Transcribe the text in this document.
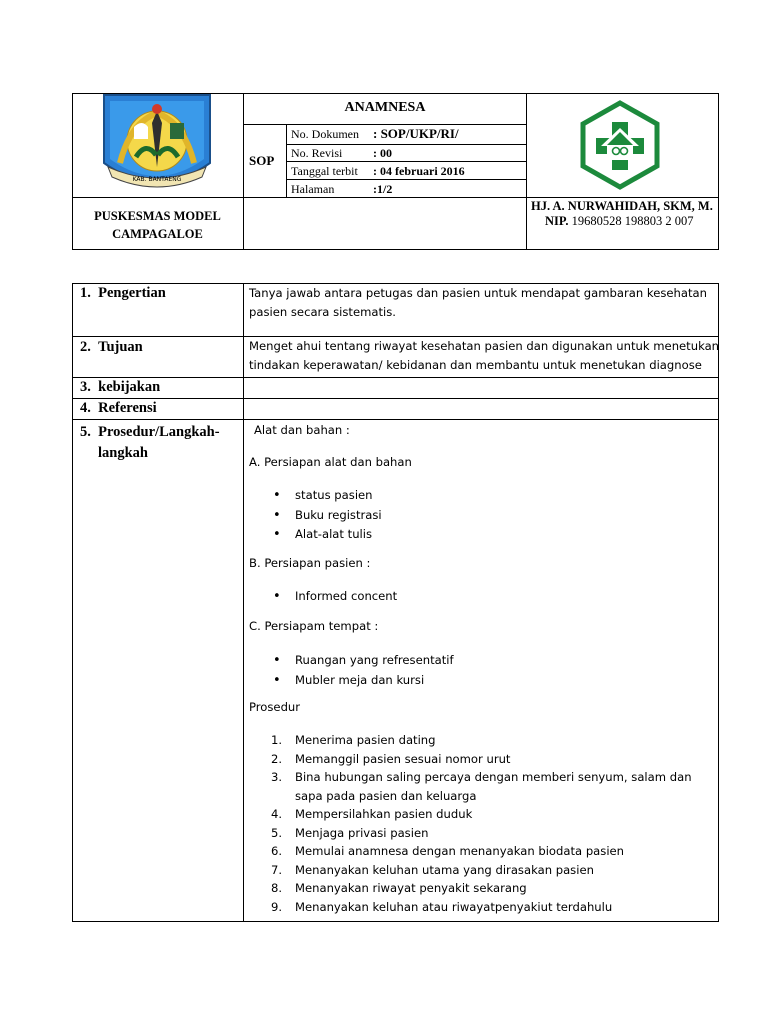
KAB. BANTAENG
ANAMNESA
SOP
No. Dokumen : SOP/UKP/RI/
No. Revisi	: 00
Tanggal terbit : 04 februari 2016
Halaman	:1/2
PUSKESMAS MODEL
CAMPAGALOE
HJ. A. NURWAHIDAH, SKM, M.
NIP. 19680528 198803 2 007
1. Pengertian	Tanya jawab antara petugas dan pasien untuk mendapat gambaran kesehatan
pasien secara sistematis.
2. Tujuan	Menget ahui tentang riwayat kesehatan pasien dan digunakan untuk menetukan
tindakan keperawatan/ kebidanan dan membantu untuk menetukan diagnose
3. kebijakan
4. Referensi
5. Prosedur/Langkah-
langkah
Alat dan bahan :
A. Persiapan alat dan bahan
• status pasien
• Buku registrasi
• Alat-alat tulis
B. Persiapan pasien :
• Informed concent
C. Persiapam tempat :
• Ruangan yang refresentatif
• Mubler meja dan kursi
Prosedur
1. Menerima pasien dating
2. Memanggil pasien sesuai nomor urut
3. Bina hubungan saling percaya dengan memberi senyum, salam dan sapa pada pasien dan keluarga
4. Mempersilahkan pasien duduk
5. Menjaga privasi pasien
6. Memulai anamnesa dengan menanyakan biodata pasien
7. Menanyakan keluhan utama yang dirasakan pasien
8. Menanyakan riwayat penyakit sekarang
9. Menanyakan keluhan atau riwayatpenyakiut terdahulu
